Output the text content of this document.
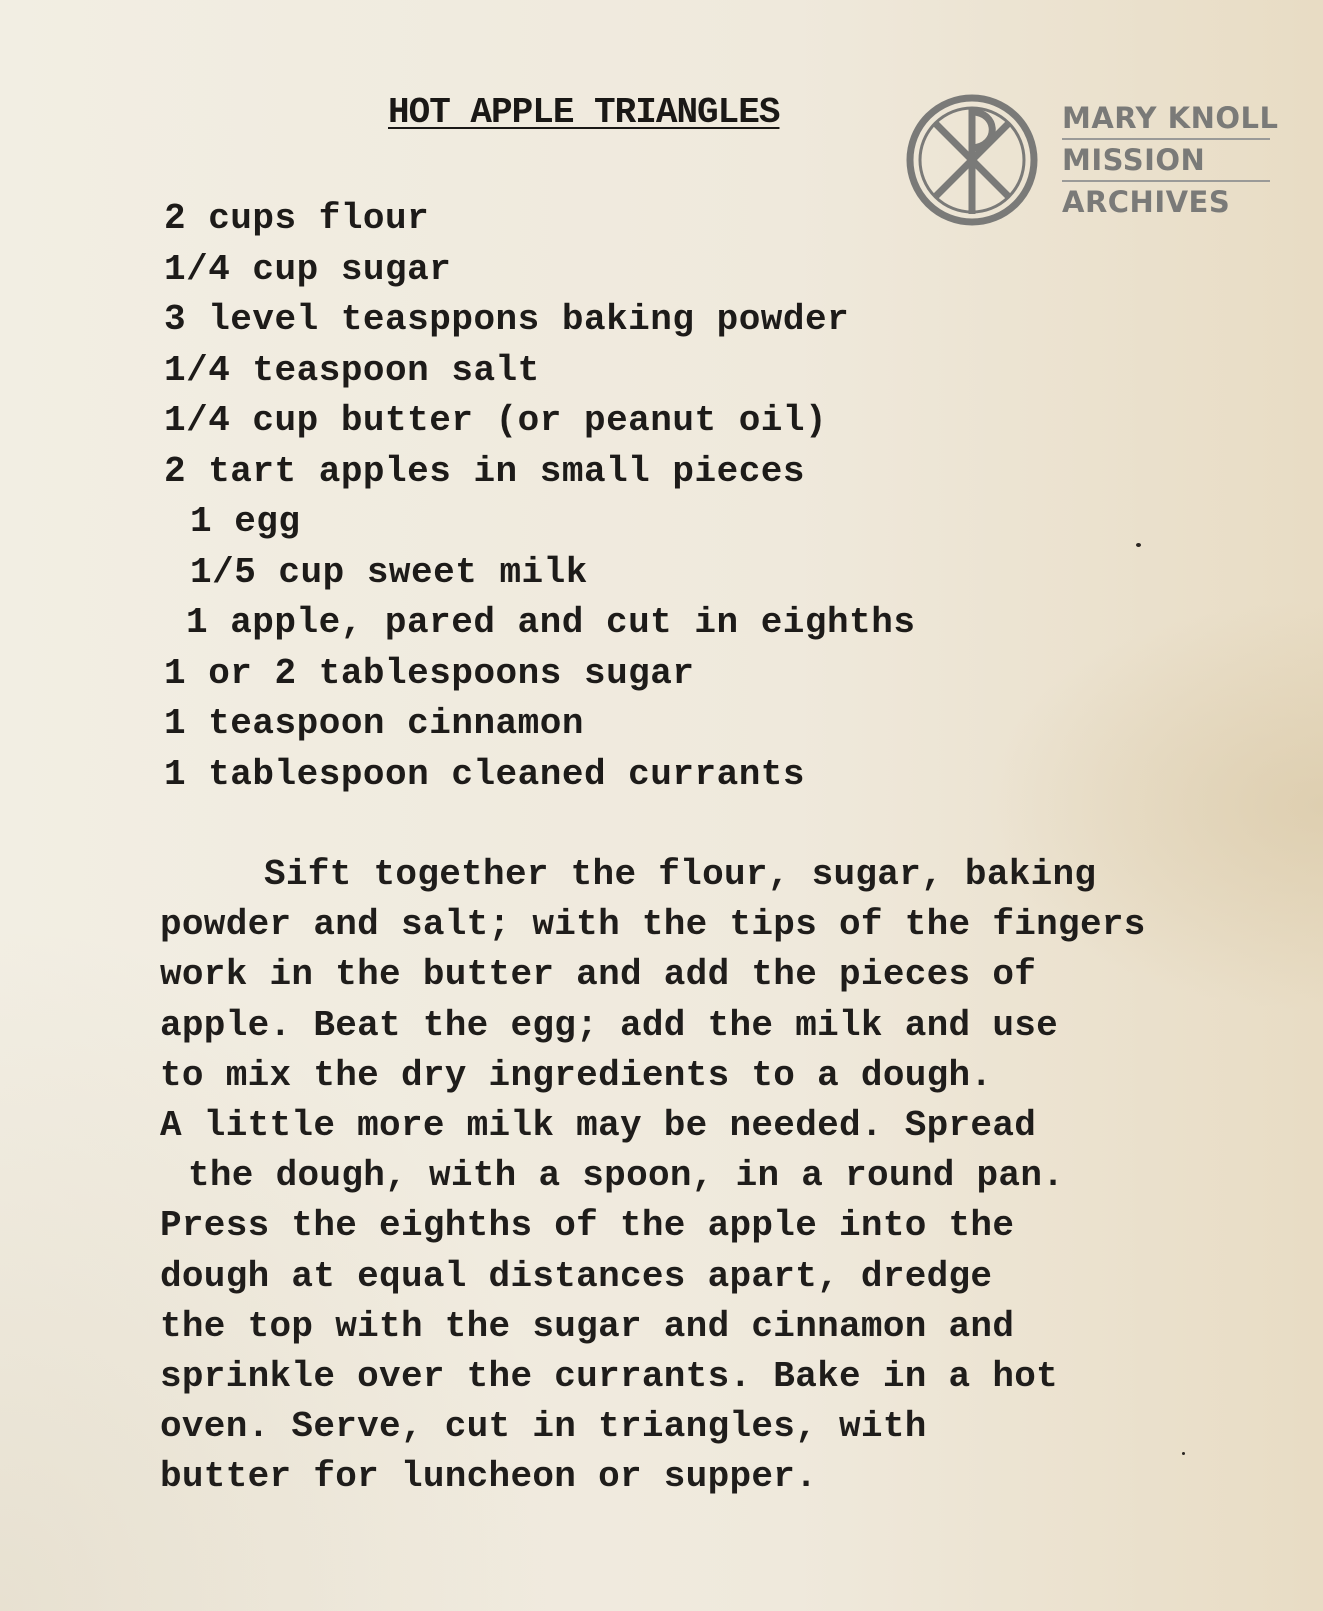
HOT APPLE TRIANGLES	MARY KNOLL
MISSION
ARCHIVES
2 cups flour
1/4 cup sugar
3 level teasppons baking powder
1/4 teaspoon salt
1/4 cup butter (or peanut oil)
2 tart apples in small pieces
1 egg
1/5 cup sweet milk
1 apple, pared and cut in eighths
1 or 2 tablespoons sugar
1 teaspoon cinnamon
1 tablespoon cleaned currants
Sift together the flour, sugar, baking
powder and salt; with the tips of the fingers
work in the butter and add the pieces of
apple. Beat the egg; add the milk and use
to mix the dry ingredients to a dough.
A little more milk may be needed. Spread
the dough, with a spoon, in a round pan.
Press the eighths of the apple into the
dough at equal distances apart, dredge
the top with the sugar and cinnamon and
sprinkle over the currants. Bake in a hot
oven. Serve, cut in triangles, with
butter for luncheon or supper.
